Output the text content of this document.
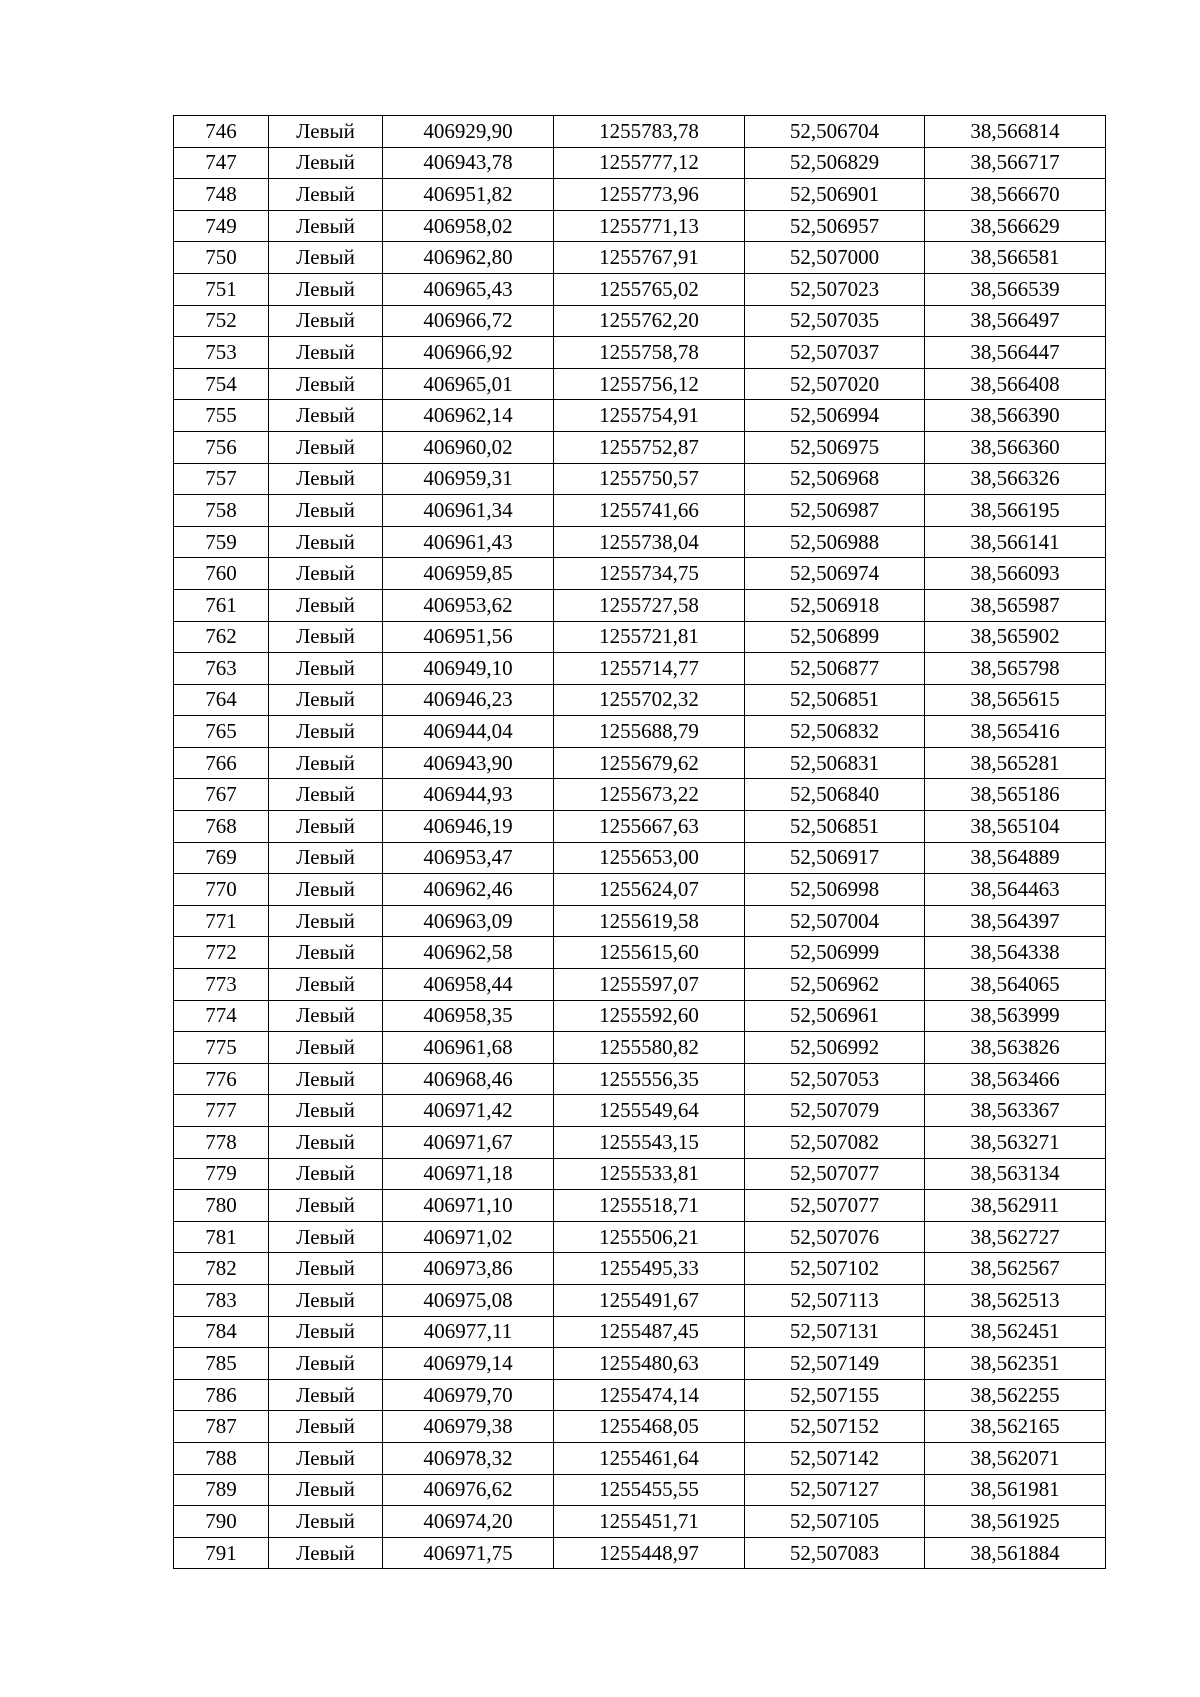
746	Левый	406929,90	1255783,78	52,506704	38,566814
747	Левый	406943,78	1255777,12	52,506829	38,566717
748	Левый	406951,82	1255773,96	52,506901	38,566670
749	Левый	406958,02	1255771,13	52,506957	38,566629
750	Левый	406962,80	1255767,91	52,507000	38,566581
751	Левый	406965,43	1255765,02	52,507023	38,566539
752	Левый	406966,72	1255762,20	52,507035	38,566497
753	Левый	406966,92	1255758,78	52,507037	38,566447
754	Левый	406965,01	1255756,12	52,507020	38,566408
755	Левый	406962,14	1255754,91	52,506994	38,566390
756	Левый	406960,02	1255752,87	52,506975	38,566360
757	Левый	406959,31	1255750,57	52,506968	38,566326
758	Левый	406961,34	1255741,66	52,506987	38,566195
759	Левый	406961,43	1255738,04	52,506988	38,566141
760	Левый	406959,85	1255734,75	52,506974	38,566093
761	Левый	406953,62	1255727,58	52,506918	38,565987
762	Левый	406951,56	1255721,81	52,506899	38,565902
763	Левый	406949,10	1255714,77	52,506877	38,565798
764	Левый	406946,23	1255702,32	52,506851	38,565615
765	Левый	406944,04	1255688,79	52,506832	38,565416
766	Левый	406943,90	1255679,62	52,506831	38,565281
767	Левый	406944,93	1255673,22	52,506840	38,565186
768	Левый	406946,19	1255667,63	52,506851	38,565104
769	Левый	406953,47	1255653,00	52,506917	38,564889
770	Левый	406962,46	1255624,07	52,506998	38,564463
771	Левый	406963,09	1255619,58	52,507004	38,564397
772	Левый	406962,58	1255615,60	52,506999	38,564338
773	Левый	406958,44	1255597,07	52,506962	38,564065
774	Левый	406958,35	1255592,60	52,506961	38,563999
775	Левый	406961,68	1255580,82	52,506992	38,563826
776	Левый	406968,46	1255556,35	52,507053	38,563466
777	Левый	406971,42	1255549,64	52,507079	38,563367
778	Левый	406971,67	1255543,15	52,507082	38,563271
779	Левый	406971,18	1255533,81	52,507077	38,563134
780	Левый	406971,10	1255518,71	52,507077	38,562911
781	Левый	406971,02	1255506,21	52,507076	38,562727
782	Левый	406973,86	1255495,33	52,507102	38,562567
783	Левый	406975,08	1255491,67	52,507113	38,562513
784	Левый	406977,11	1255487,45	52,507131	38,562451
785	Левый	406979,14	1255480,63	52,507149	38,562351
786	Левый	406979,70	1255474,14	52,507155	38,562255
787	Левый	406979,38	1255468,05	52,507152	38,562165
788	Левый	406978,32	1255461,64	52,507142	38,562071
789	Левый	406976,62	1255455,55	52,507127	38,561981
790	Левый	406974,20	1255451,71	52,507105	38,561925
791	Левый	406971,75	1255448,97	52,507083	38,561884
